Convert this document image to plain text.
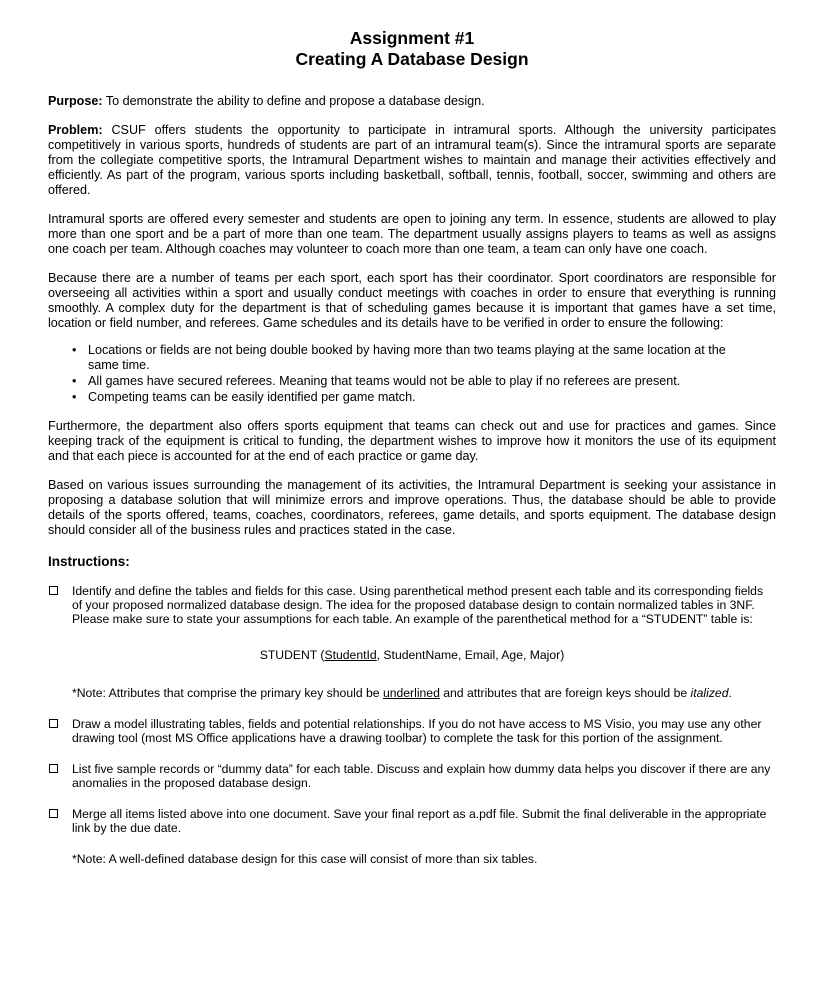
Assignment #1
Creating A Database Design

Purpose: To demonstrate the ability to define and propose a database design.

Problem: CSUF offers students the opportunity to participate in intramural sports. Although the university participates competitively in various sports, hundreds of students are part of an intramural team(s). Since the intramural sports are separate from the collegiate competitive sports, the Intramural Department wishes to maintain and manage their activities effectively and efficiently. As part of the program, various sports including basketball, softball, tennis, football, soccer, swimming and others are offered.

Intramural sports are offered every semester and students are open to joining any term. In essence, students are allowed to play more than one sport and be a part of more than one team. The department usually assigns players to teams as well as assigns one coach per team. Although coaches may volunteer to coach more than one team, a team can only have one coach.

Because there are a number of teams per each sport, each sport has their coordinator. Sport coordinators are responsible for overseeing all activities within a sport and usually conduct meetings with coaches in order to ensure that everything is running smoothly. A complex duty for the department is that of scheduling games because it is important that games have a set time, location or field number, and referees. Game schedules and its details have to be verified in order to ensure the following:

• Locations or fields are not being double booked by having more than two teams playing at the same location at the same time.
• All games have secured referees. Meaning that teams would not be able to play if no referees are present.
• Competing teams can be easily identified per game match.

Furthermore, the department also offers sports equipment that teams can check out and use for practices and games. Since keeping track of the equipment is critical to funding, the department wishes to improve how it monitors the use of its equipment and that each piece is accounted for at the end of each practice or game day.

Based on various issues surrounding the management of its activities, the Intramural Department is seeking your assistance in proposing a database solution that will minimize errors and improve operations. Thus, the database should be able to provide details of the sports offered, teams, coaches, coordinators, referees, game details, and sports equipment. The database design should consider all of the business rules and practices stated in the case.

Instructions:
Identify and define the tables and fields for this case. Using parenthetical method present each table and its corresponding fields of your proposed normalized database design. The idea for the proposed database design to contain normalized tables in 3NF. Please make sure to state your assumptions for each table. An example of the parenthetical method for a “STUDENT” table is:
STUDENT (StudentId, StudentName, Email, Age, Major)
*Note: Attributes that comprise the primary key should be underlined and attributes that are foreign keys should be italized.
Draw a model illustrating tables, fields and potential relationships. If you do not have access to MS Visio, you may use any other drawing tool (most MS Office applications have a drawing toolbar) to complete the task for this portion of the assignment.
List five sample records or “dummy data” for each table. Discuss and explain how dummy data helps you discover if there are any anomalies in the proposed database design.
Merge all items listed above into one document. Save your final report as a.pdf file. Submit the final deliverable in the appropriate link by the due date.
*Note: A well-defined database design for this case will consist of more than six tables.
